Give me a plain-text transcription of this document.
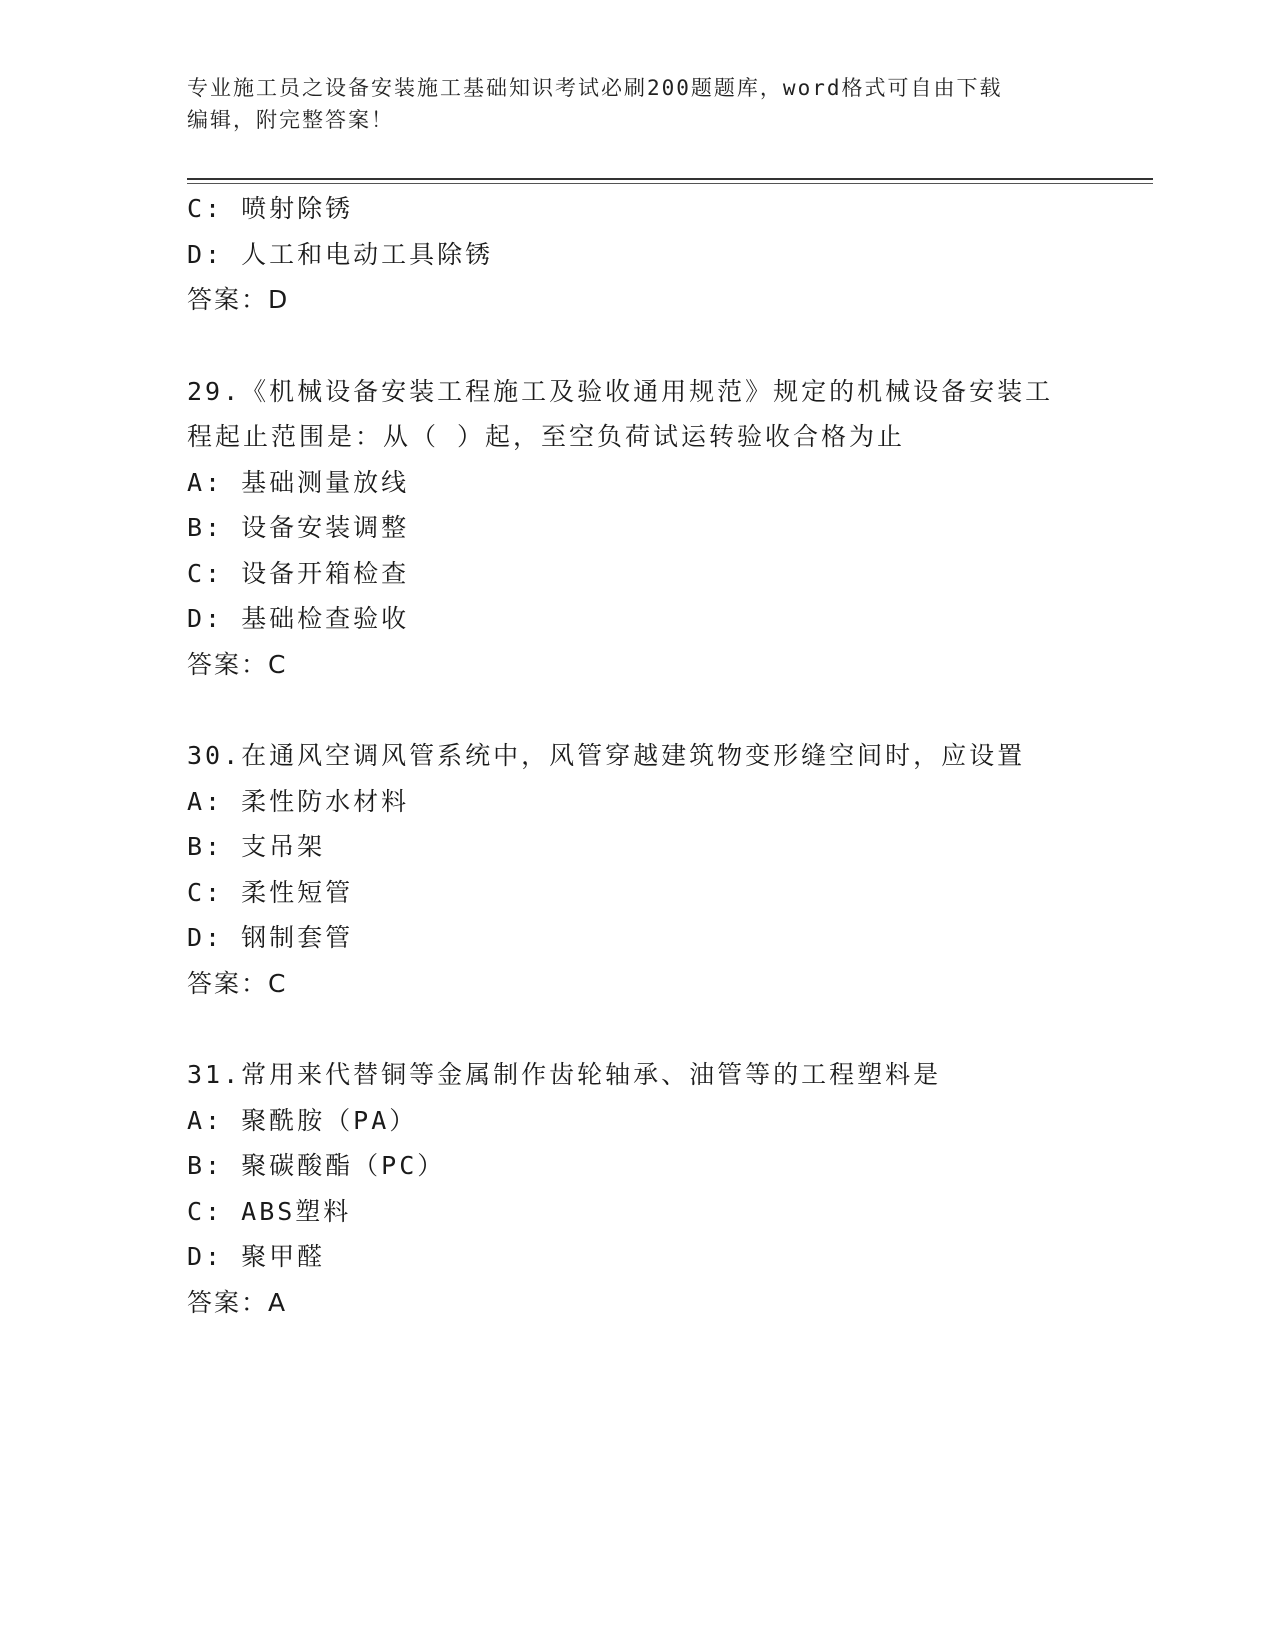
专业施工员之设备安装施工基础知识考试必刷200题题库，word格式可自由下载
编辑，附完整答案！
C: 喷射除锈
D: 人工和电动工具除锈
答案：D
29.《机械设备安装工程施工及验收通用规范》规定的机械设备安装工
程起止范围是：从（ ）起，至空负荷试运转验收合格为止
A: 基础测量放线
B: 设备安装调整
C: 设备开箱检查
D: 基础检查验收
答案：C
30.在通风空调风管系统中，风管穿越建筑物变形缝空间时，应设置
A: 柔性防水材料
B: 支吊架
C: 柔性短管
D: 钢制套管
答案：C
31.常用来代替铜等金属制作齿轮轴承、油管等的工程塑料是
A: 聚酰胺（PA）
B: 聚碳酸酯（PC）
C: ABS塑料
D: 聚甲醛
答案：A
